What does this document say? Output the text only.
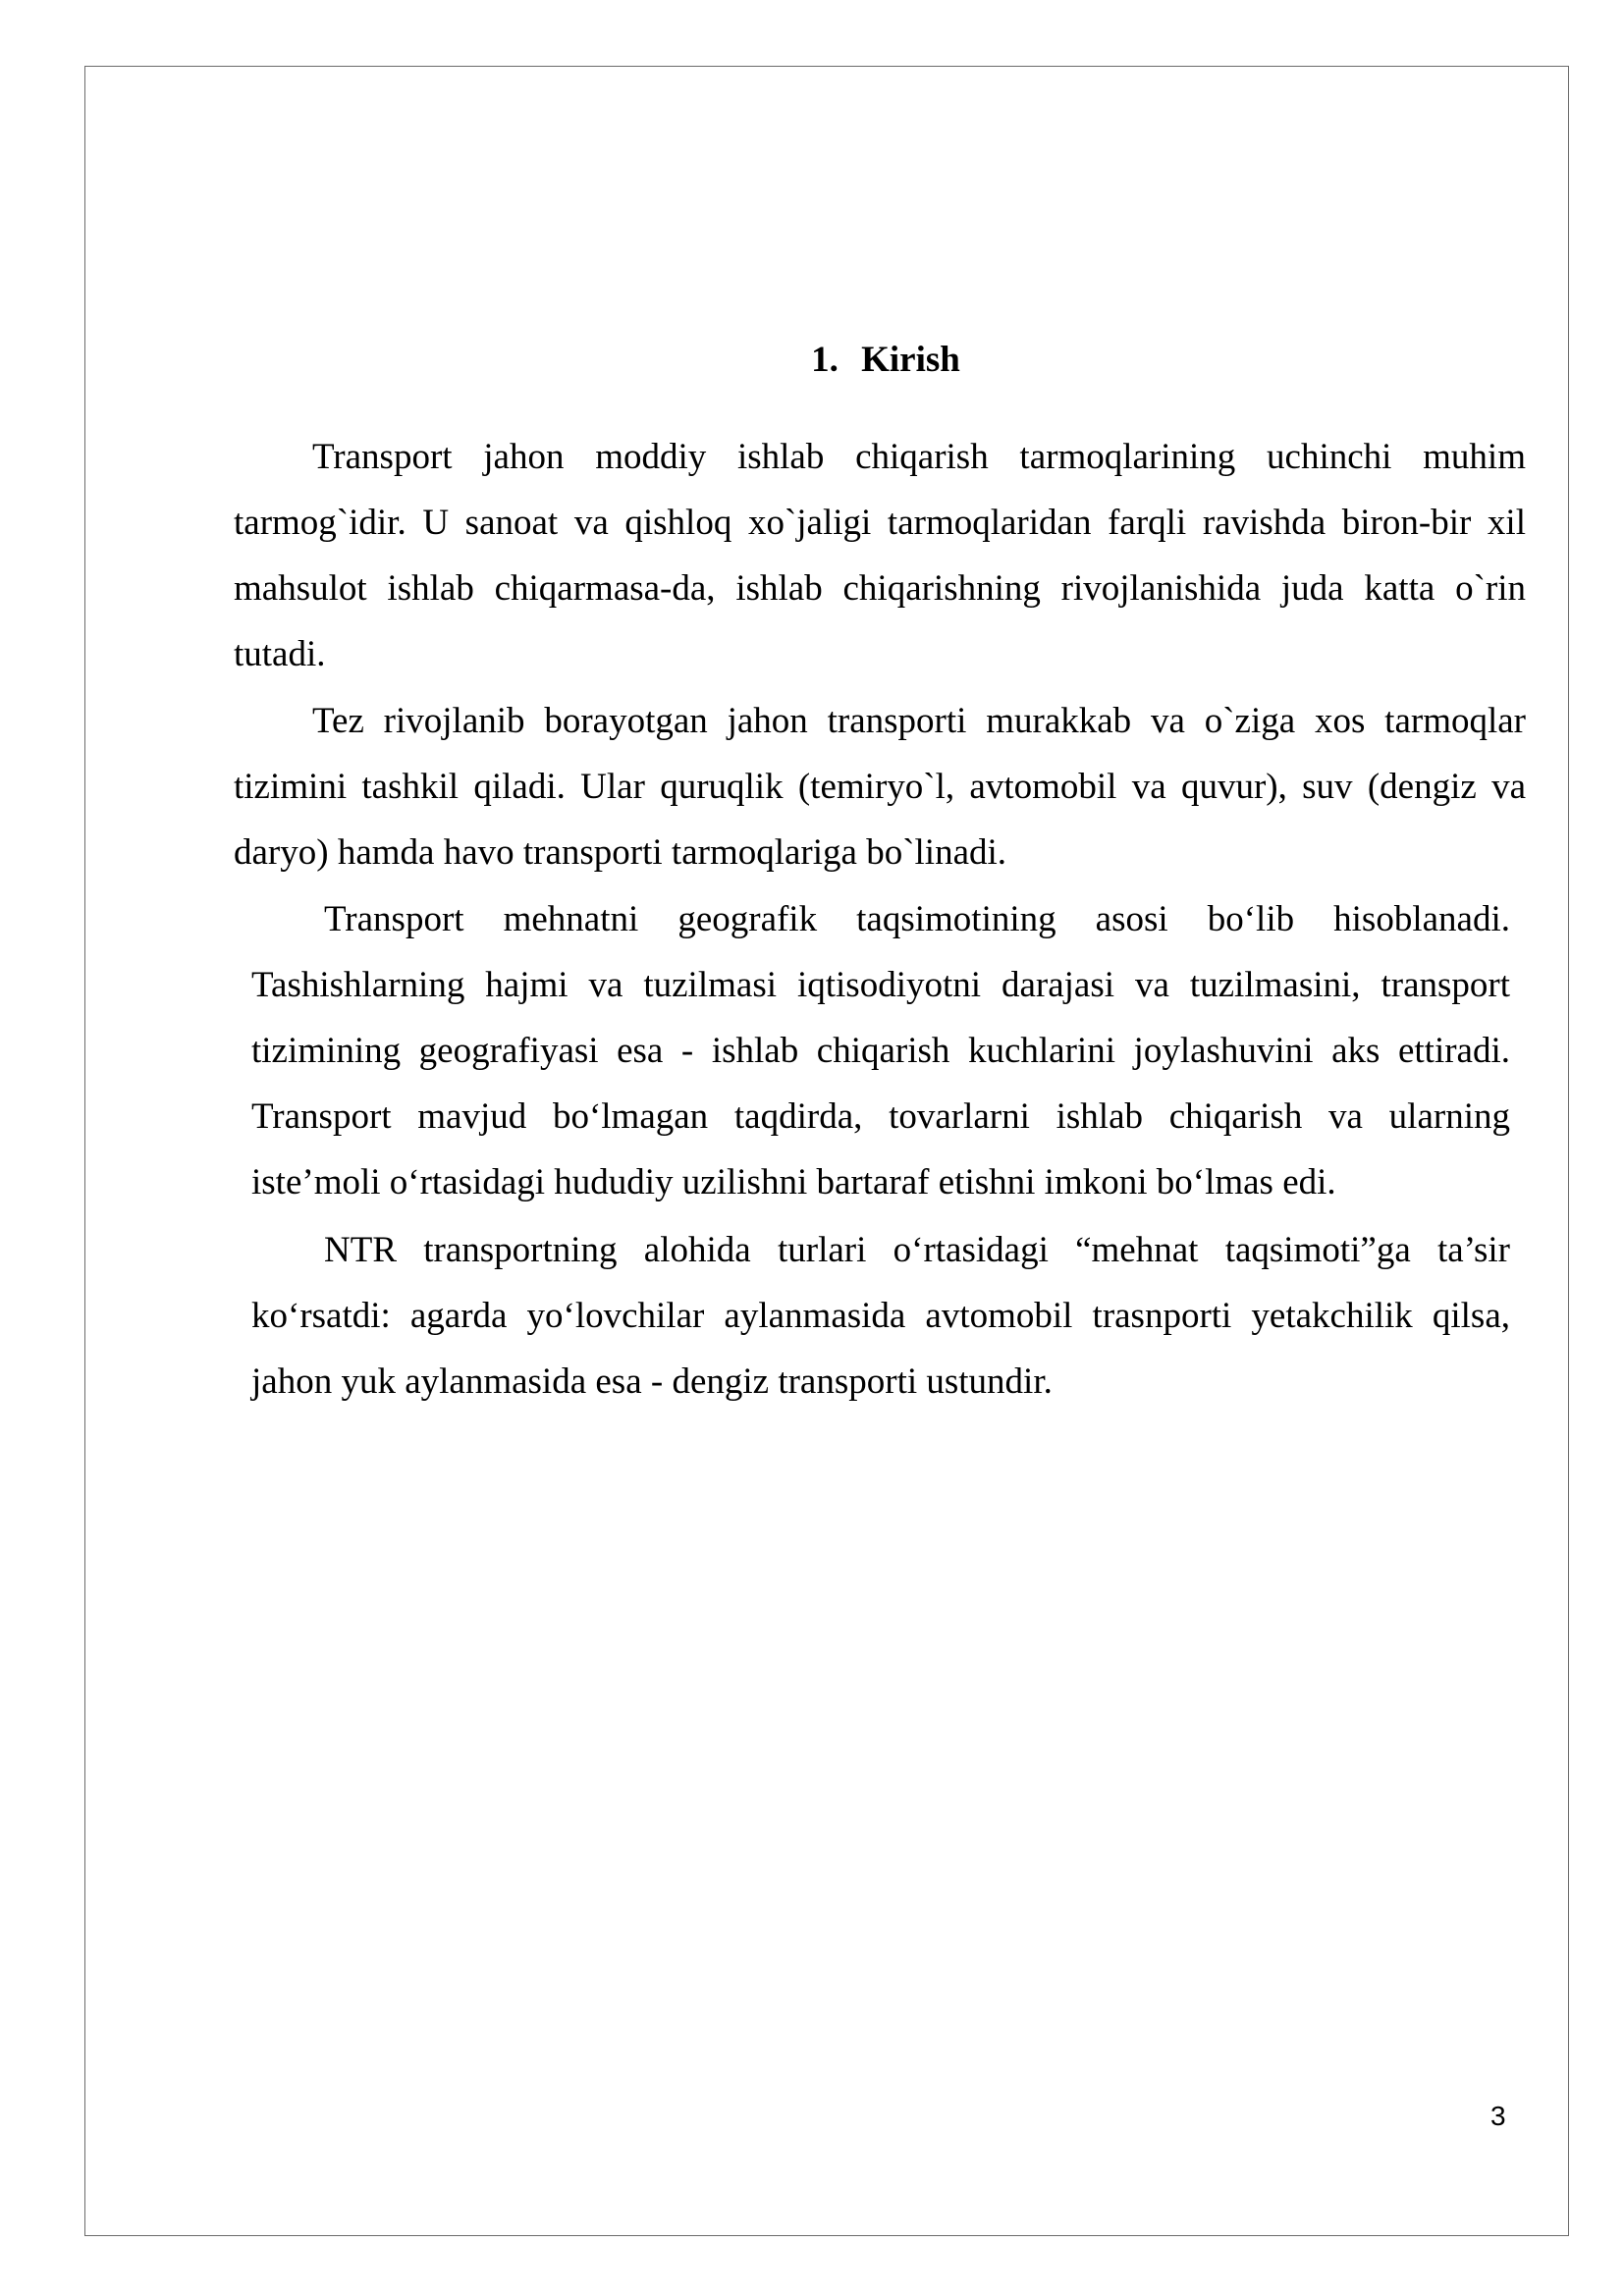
1. Kirish

Transport jahon moddiy ishlab chiqarish tarmoqlarining uchinchi muhim tarmog`idir. U sanoat va qishloq xo`jaligi tarmoqlaridan farqli ravishda biron-bir xil mahsulot ishlab chiqarmasa-da, ishlab chiqarishning rivojlanishida juda katta o`rin tutadi.

Tez rivojlanib borayotgan jahon transporti murakkab va o`ziga xos tarmoqlar tizimini tashkil qiladi. Ular quruqlik (temiryo`l, avtomobil va quvur), suv (dengiz va daryo) hamda havo transporti tarmoqlariga bo`linadi.

Transport mehnatni geografik taqsimotining asosi bo‘lib hisoblanadi. Tashishlarning hajmi va tuzilmasi iqtisodiyotni darajasi va tuzilmasini, transport tizimining geografiyasi esa - ishlab chiqarish kuchlarini joylashuvini aks ettiradi. Transport mavjud bo‘lmagan taqdirda, tovarlarni ishlab chiqarish va ularning iste’moli o‘rtasidagi hududiy uzilishni bartaraf etishni imkoni bo‘lmas edi.

NTR transportning alohida turlari o‘rtasidagi “mehnat taqsimoti”ga ta’sir ko‘rsatdi: agarda yo‘lovchilar aylanmasida avtomobil trasnporti yetakchilik qilsa, jahon yuk aylanmasida esa - dengiz transporti ustundir.

3
